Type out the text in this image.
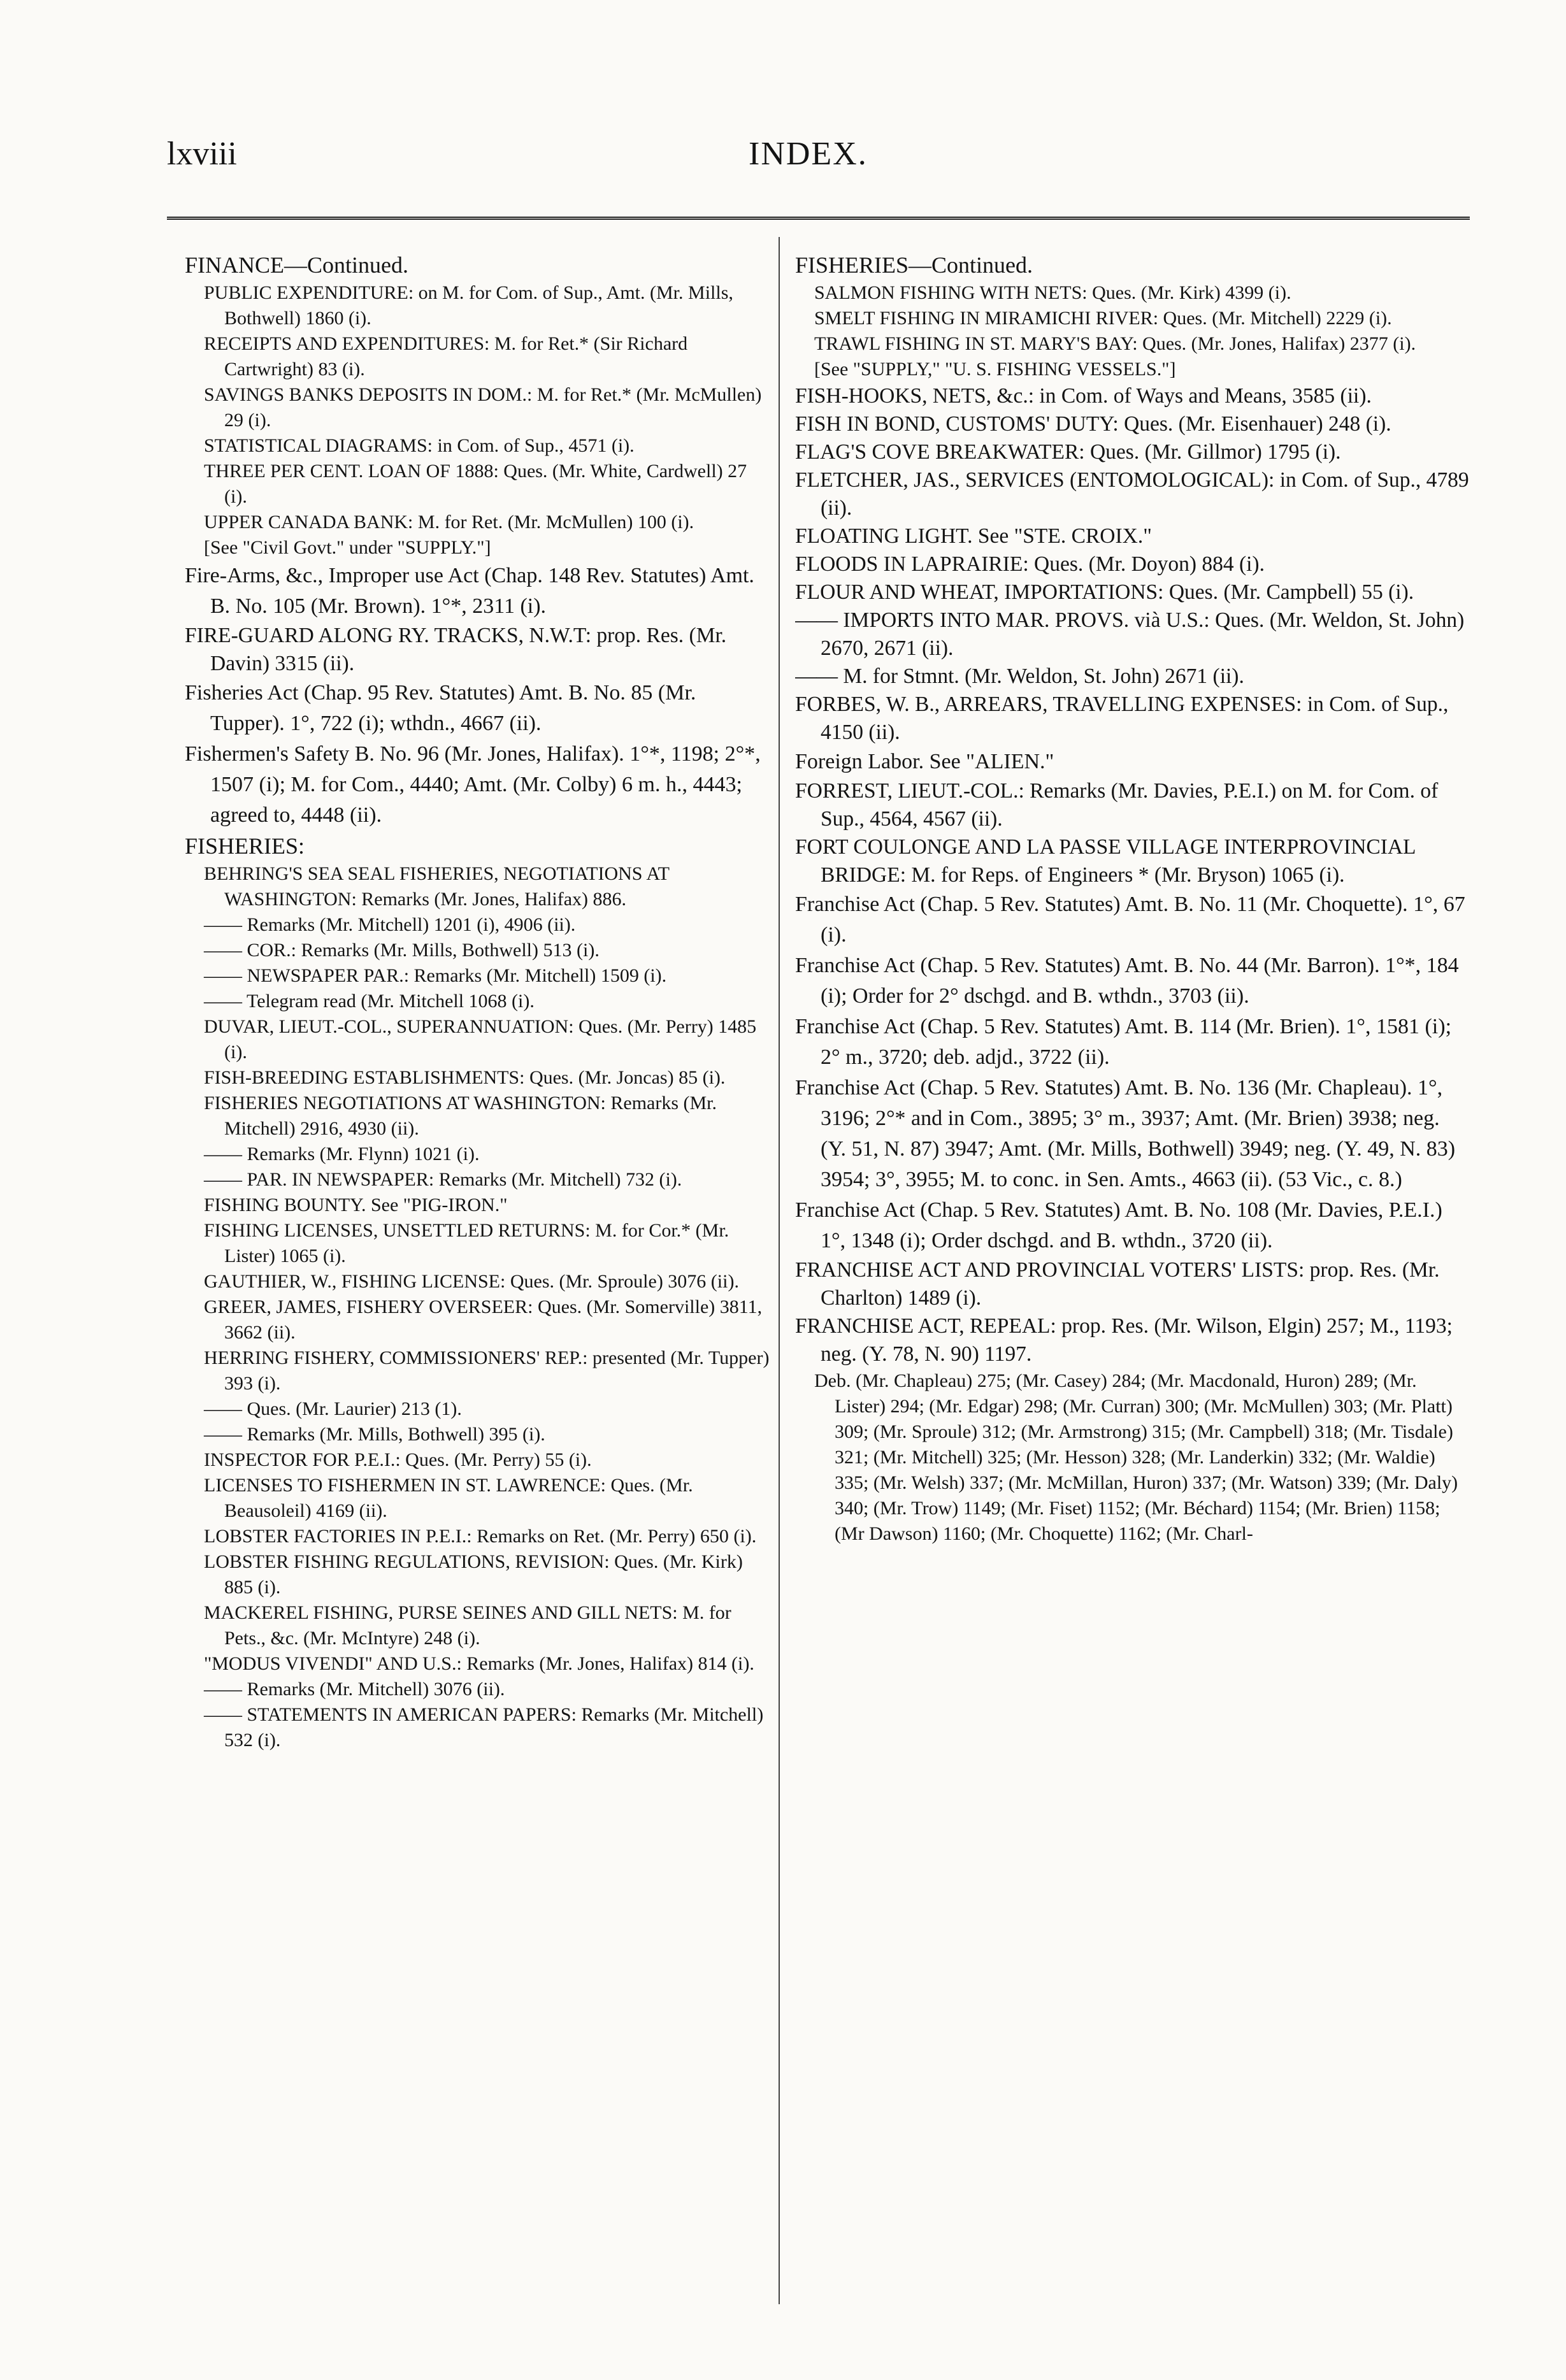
lxviii	INDEX.

FINANCE—Continued.

PUBLIC EXPENDITURE: on M. for Com. of Sup., Amt. (Mr. Mills, Bothwell) 1860 (i).

RECEIPTS AND EXPENDITURES: M. for Ret.* (Sir Richard Cartwright) 83 (i).

SAVINGS BANKS DEPOSITS IN DOM.: M. for Ret.* (Mr. McMullen) 29 (i).

STATISTICAL DIAGRAMS: in Com. of Sup., 4571 (i).

THREE PER CENT. LOAN OF 1888: Ques. (Mr. White, Cardwell) 27 (i).

UPPER CANADA BANK: M. for Ret. (Mr. McMullen) 100 (i).

[See "Civil Govt." under "SUPPLY."]

Fire-Arms, &c., Improper use Act (Chap. 148 Rev. Statutes) Amt. B. No. 105 (Mr. Brown). 1°*, 2311 (i).

FIRE-GUARD ALONG RY. TRACKS, N.W.T: prop. Res. (Mr. Davin) 3315 (ii).

Fisheries Act (Chap. 95 Rev. Statutes) Amt. B. No. 85 (Mr. Tupper). 1°, 722 (i); wthdn., 4667 (ii).

Fishermen's Safety B. No. 96 (Mr. Jones, Halifax). 1°*, 1198; 2°*, 1507 (i); M. for Com., 4440; Amt. (Mr. Colby) 6 m. h., 4443; agreed to, 4448 (ii).

FISHERIES:

BEHRING'S SEA SEAL FISHERIES, NEGOTIATIONS AT WASHINGTON: Remarks (Mr. Jones, Halifax) 886.

—— Remarks (Mr. Mitchell) 1201 (i), 4906 (ii).

—— COR.: Remarks (Mr. Mills, Bothwell) 513 (i).

—— NEWSPAPER PAR.: Remarks (Mr. Mitchell) 1509 (i).

—— Telegram read (Mr. Mitchell 1068 (i).

DUVAR, LIEUT.-COL., SUPERANNUATION: Ques. (Mr. Perry) 1485 (i).

FISH-BREEDING ESTABLISHMENTS: Ques. (Mr. Joncas) 85 (i).

FISHERIES NEGOTIATIONS AT WASHINGTON: Remarks (Mr. Mitchell) 2916, 4930 (ii).

—— Remarks (Mr. Flynn) 1021 (i).

—— PAR. IN NEWSPAPER: Remarks (Mr. Mitchell) 732 (i).

FISHING BOUNTY. See "PIG-IRON."

FISHING LICENSES, UNSETTLED RETURNS: M. for Cor.* (Mr. Lister) 1065 (i).

GAUTHIER, W., FISHING LICENSE: Ques. (Mr. Sproule) 3076 (ii).

GREER, JAMES, FISHERY OVERSEER: Ques. (Mr. Somerville) 3811, 3662 (ii).

HERRING FISHERY, COMMISSIONERS' REP.: presented (Mr. Tupper) 393 (i).

—— Ques. (Mr. Laurier) 213 (1).

—— Remarks (Mr. Mills, Bothwell) 395 (i).

INSPECTOR FOR P.E.I.: Ques. (Mr. Perry) 55 (i).

LICENSES TO FISHERMEN IN ST. LAWRENCE: Ques. (Mr. Beausoleil) 4169 (ii).

LOBSTER FACTORIES IN P.E.I.: Remarks on Ret. (Mr. Perry) 650 (i).

LOBSTER FISHING REGULATIONS, REVISION: Ques. (Mr. Kirk) 885 (i).

MACKEREL FISHING, PURSE SEINES AND GILL NETS: M. for Pets., &c. (Mr. McIntyre) 248 (i).

"MODUS VIVENDI" AND U.S.: Remarks (Mr. Jones, Halifax) 814 (i).

—— Remarks (Mr. Mitchell) 3076 (ii).

—— STATEMENTS IN AMERICAN PAPERS: Remarks (Mr. Mitchell) 532 (i).

FISHERIES—Continued.

SALMON FISHING WITH NETS: Ques. (Mr. Kirk) 4399 (i).

SMELT FISHING IN MIRAMICHI RIVER: Ques. (Mr. Mitchell) 2229 (i).

TRAWL FISHING IN ST. MARY'S BAY: Ques. (Mr. Jones, Halifax) 2377 (i).

[See "SUPPLY," "U. S. FISHING VESSELS."]

FISH-HOOKS, NETS, &c.: in Com. of Ways and Means, 3585 (ii).

FISH IN BOND, CUSTOMS' DUTY: Ques. (Mr. Eisenhauer) 248 (i).

FLAG'S COVE BREAKWATER: Ques. (Mr. Gillmor) 1795 (i).

FLETCHER, JAS., SERVICES (ENTOMOLOGICAL): in Com. of Sup., 4789 (ii).

FLOATING LIGHT. See "STE. CROIX."

FLOODS IN LAPRAIRIE: Ques. (Mr. Doyon) 884 (i).

FLOUR AND WHEAT, IMPORTATIONS: Ques. (Mr. Campbell) 55 (i).

—— IMPORTS INTO MAR. PROVS. vià U.S.: Ques. (Mr. Weldon, St. John) 2670, 2671 (ii).

—— M. for Stmnt. (Mr. Weldon, St. John) 2671 (ii).

FORBES, W. B., ARREARS, TRAVELLING EXPENSES: in Com. of Sup., 4150 (ii).

Foreign Labor. See "ALIEN."

FORREST, LIEUT.-COL.: Remarks (Mr. Davies, P.E.I.) on M. for Com. of Sup., 4564, 4567 (ii).

FORT COULONGE AND LA PASSE VILLAGE INTERPROVINCIAL BRIDGE: M. for Reps. of Engineers * (Mr. Bryson) 1065 (i).

Franchise Act (Chap. 5 Rev. Statutes) Amt. B. No. 11 (Mr. Choquette). 1°, 67 (i).

Franchise Act (Chap. 5 Rev. Statutes) Amt. B. No. 44 (Mr. Barron). 1°*, 184 (i); Order for 2° dschgd. and B. wthdn., 3703 (ii).

Franchise Act (Chap. 5 Rev. Statutes) Amt. B. 114 (Mr. Brien). 1°, 1581 (i); 2° m., 3720; deb. adjd., 3722 (ii).

Franchise Act (Chap. 5 Rev. Statutes) Amt. B. No. 136 (Mr. Chapleau). 1°, 3196; 2°* and in Com., 3895; 3° m., 3937; Amt. (Mr. Brien) 3938; neg. (Y. 51, N. 87) 3947; Amt. (Mr. Mills, Bothwell) 3949; neg. (Y. 49, N. 83) 3954; 3°, 3955; M. to conc. in Sen. Amts., 4663 (ii). (53 Vic., c. 8.)

Franchise Act (Chap. 5 Rev. Statutes) Amt. B. No. 108 (Mr. Davies, P.E.I.) 1°, 1348 (i); Order dschgd. and B. wthdn., 3720 (ii).

FRANCHISE ACT AND PROVINCIAL VOTERS' LISTS: prop. Res. (Mr. Charlton) 1489 (i).

FRANCHISE ACT, REPEAL: prop. Res. (Mr. Wilson, Elgin) 257; M., 1193; neg. (Y. 78, N. 90) 1197.

Deb. (Mr. Chapleau) 275; (Mr. Casey) 284; (Mr. Macdonald, Huron) 289; (Mr. Lister) 294; (Mr. Edgar) 298; (Mr. Curran) 300; (Mr. McMullen) 303; (Mr. Platt) 309; (Mr. Sproule) 312; (Mr. Armstrong) 315; (Mr. Campbell) 318; (Mr. Tisdale) 321; (Mr. Mitchell) 325; (Mr. Hesson) 328; (Mr. Landerkin) 332; (Mr. Waldie) 335; (Mr. Welsh) 337; (Mr. McMillan, Huron) 337; (Mr. Watson) 339; (Mr. Daly) 340; (Mr. Trow) 1149; (Mr. Fiset) 1152; (Mr. Béchard) 1154; (Mr. Brien) 1158; (Mr Dawson) 1160; (Mr. Choquette) 1162; (Mr. Charl-
